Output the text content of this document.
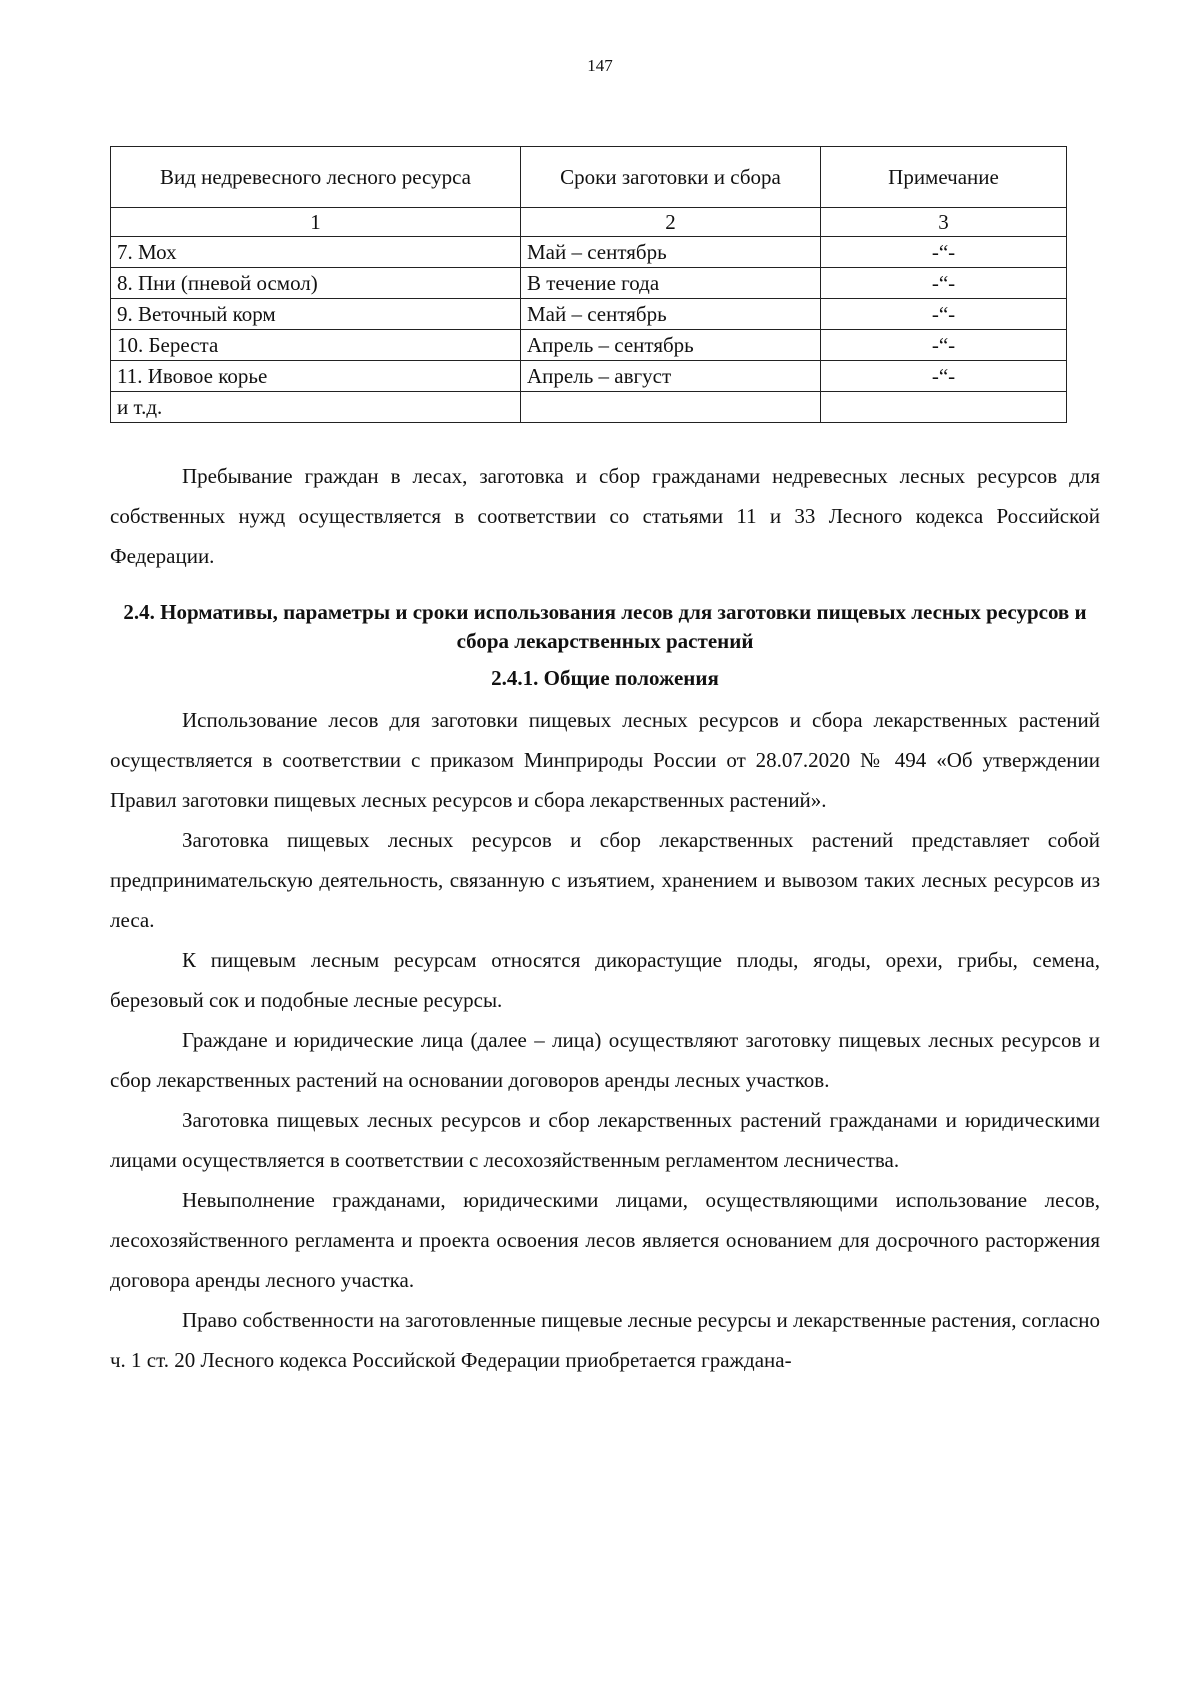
147
Вид недревесного лесного ресурса	Сроки заготовки и сбора	Примечание
1	2	3
7. Мох	Май – сентябрь	-“-
8. Пни (пневой осмол)	В течение года	-“-
9. Веточный корм	Май – сентябрь	-“-
10. Береста	Апрель – сентябрь	-“-
11. Ивовое корье	Апрель – август	-“-
и т.д.		

Пребывание граждан в лесах, заготовка и сбор гражданами недревесных лесных ресурсов для собственных нужд осуществляется в соответствии со статьями 11 и 33 Лесного кодекса Российской Федерации.

2.4. Нормативы, параметры и сроки использования лесов для заготовки пищевых лесных ресурсов и сбора лекарственных растений
2.4.1. Общие положения

Использование лесов для заготовки пищевых лесных ресурсов и сбора лекарственных растений осуществляется в соответствии с приказом Минприроды России от 28.07.2020 № 494 «Об утверждении Правил заготовки пищевых лесных ресурсов и сбора лекарственных растений».

Заготовка пищевых лесных ресурсов и сбор лекарственных растений представляет собой предпринимательскую деятельность, связанную с изъятием, хранением и вывозом таких лесных ресурсов из леса.

К пищевым лесным ресурсам относятся дикорастущие плоды, ягоды, орехи, грибы, семена, березовый сок и подобные лесные ресурсы.

Граждане и юридические лица (далее – лица) осуществляют заготовку пищевых лесных ресурсов и сбор лекарственных растений на основании договоров аренды лесных участков.

Заготовка пищевых лесных ресурсов и сбор лекарственных растений гражданами и юридическими лицами осуществляется в соответствии с лесохозяйственным регламентом лесничества.

Невыполнение гражданами, юридическими лицами, осуществляющими использование лесов, лесохозяйственного регламента и проекта освоения лесов является основанием для досрочного расторжения договора аренды лесного участка.

Право собственности на заготовленные пищевые лесные ресурсы и лекарственные растения, согласно ч. 1 ст. 20 Лесного кодекса Российской Федерации приобретается граждана-
